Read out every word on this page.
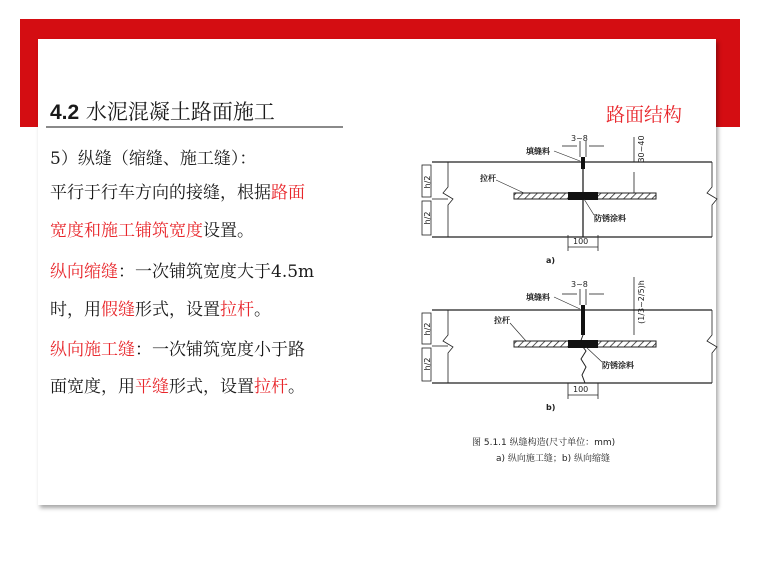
4.2 水泥混凝土路面施工	路面结构

5）纵缝（缩缝、施工缝）：

平行于行车方向的接缝，根据路面

宽度和施工铺筑宽度设置。

纵向缩缝：一次铺筑宽度大于4.5m

时，用假缝形式，设置拉杆。

纵向施工缝：一次铺筑宽度小于路

面宽度，用平缝形式，设置拉杆。

h/2
h/2
3~8
填缝料	30~40
拉杆
防锈涂料
100
a)
h/2
h/2
3~8
填缝料	(1/3~2/5)h
拉杆
防锈涂料
100
b)
图 5.1.1 纵缝构造(尺寸单位：mm)
a) 纵向施工缝；b) 纵向缩缝
